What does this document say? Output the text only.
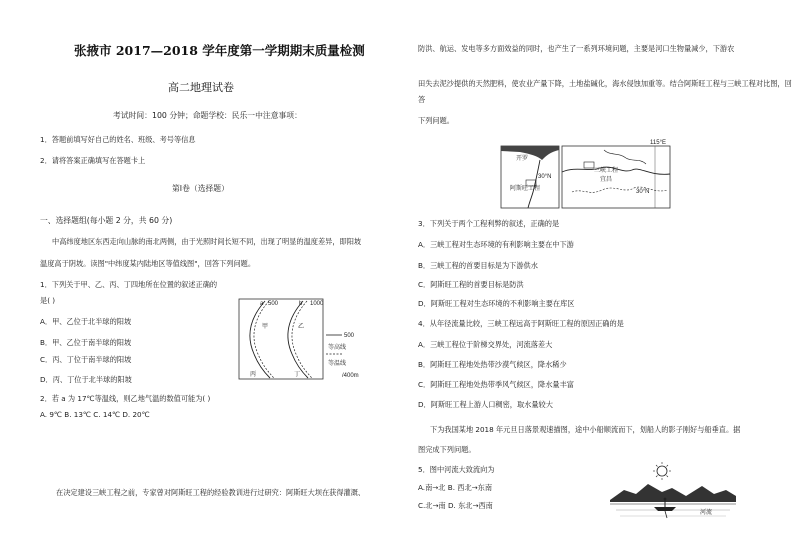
张掖市 2017—2018 学年度第一学期期末质量检测
高二地理试卷
考试时间：100 分钟；命题学校：民乐一中注意事项：
1．答题前填写好自己的姓名、班级、考号等信息
2．请将答案正确填写在答题卡上
第Ⅰ卷（选择题）
一、选择题组(每小题 2 分，共 60 分)
中高纬度地区东西走向山脉的南北两侧，由于光照时间长短不同，出现了明显的温度差异，即阳坡
温度高于阴坡。读图"中纬度某内陆地区等值线图"，回答下列问题。
1．下列关于甲、乙、丙、丁四地所在位置的叙述正确的
是( )
A．甲、乙位于北半球的阳坡
B．甲、乙位于南半球的阳坡
C．丙、丁位于南半球的阳坡
D．丙、丁位于北半球的阳坡
a 500	b 1000
甲	乙
丙	丁
500
等高线
等温线
/400m
2．若 a 为 17℃等温线，则乙地气温的数值可能为( )
A. 9℃ B. 13℃ C. 14℃ D. 20℃
在决定建设三峡工程之前，专家曾对阿斯旺工程的经验教训进行过研究：阿斯旺大坝在获得灌溉、
防洪、航运、发电等多方面效益的同时，也产生了一系列环境问题，主要是河口生物量减少，下游农
田失去泥沙提供的天然肥料，使农业产量下降，土地盐碱化，海水侵蚀加重等。结合阿斯旺工程与三峡工程对比图，回
答
下列问题。
开罗
阿斯旺工程
30°N
115°E
三峡工程
宜昌
30°N
3．下列关于两个工程利弊的叙述，正确的是
A．三峡工程对生态环境的有利影响主要在中下游
B．三峡工程的首要目标是为下游供水
C．阿斯旺工程的首要目标是防洪
D．阿斯旺工程对生态环境的不利影响主要在库区
4．从年径流量比较，三峡工程远高于阿斯旺工程的原因正确的是
A．三峡工程位于阶梯交界处，河流落差大
B．阿斯旺工程地处热带沙漠气候区，降水稀少
C．阿斯旺工程地处热带季风气候区，降水量丰富
D．阿斯旺工程上游人口稠密，取水量较大
下为我国某地 2018 年元旦日落景观速描图，途中小船顺流而下，划船人的影子刚好与船垂直。据
图完成下列问题。
5．图中河流大致流向为
A.南→北 B. 西北→东南
C.北→南 D. 东北→西南
河流
